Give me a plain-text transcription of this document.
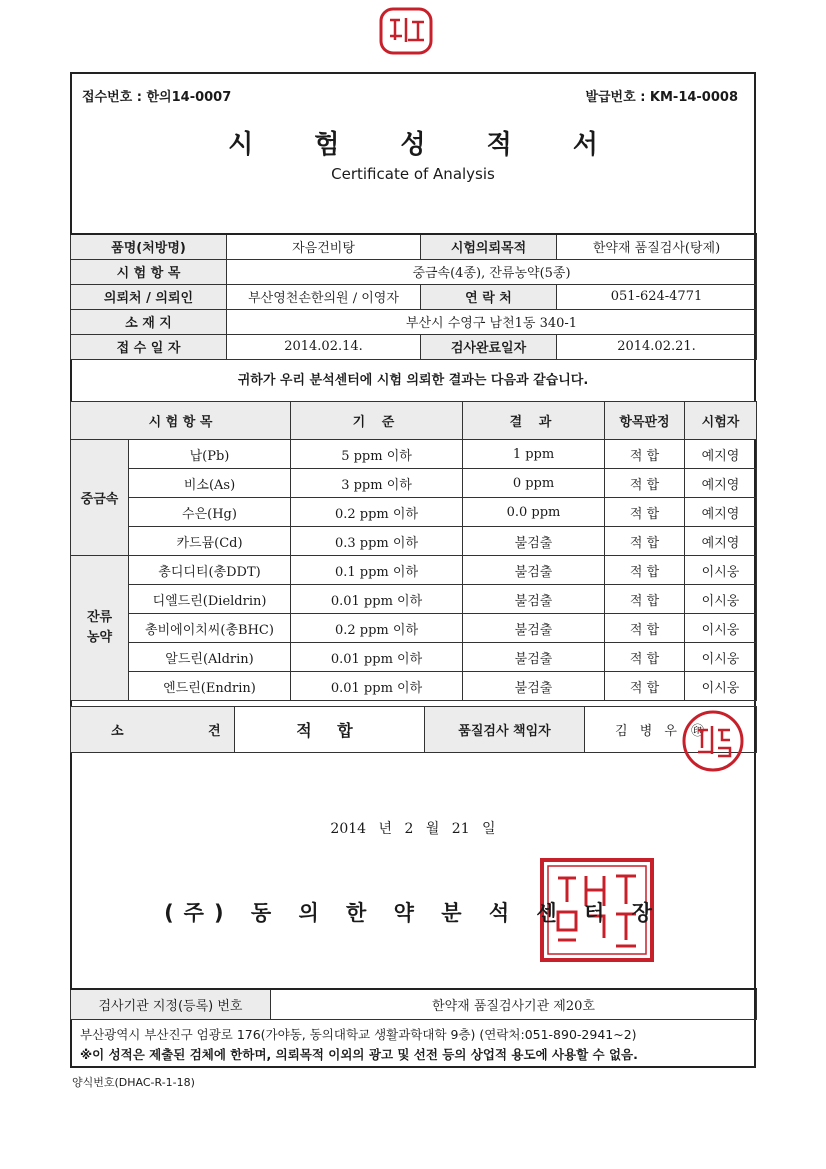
접수번호 : 한의14-0007	발급번호 : KM-14-0008
시 험 성 적 서
Certificate of Analysis
품명(처방명)	자음건비탕	시험의뢰목적	한약재 품질검사(탕제)
시 험 항 목	중금속(4종), 잔류농약(5종)		
의뢰처 / 의뢰인	부산영천손한의원 / 이영자	연 락 처	051-624-4771
소 재 지	부산시 수영구 남천1동 340-1		
접 수 일 자	2014.02.14.	검사완료일자	2014.02.21.
귀하가 우리 분석센터에 시험 의뢰한 결과는 다음과 같습니다.
시 험 항 목		기 준	결 과	항목판정	시험자
중금속	납(Pb)	5 ppm 이하	1 ppm	적 합	예지영
	비소(As)	3 ppm 이하	0 ppm	적 합	예지영
	수은(Hg)	0.2 ppm 이하	0.0 ppm	적 합	예지영
	카드뮴(Cd)	0.3 ppm 이하	불검출	적 합	예지영

잔류
농약	총디디티(총DDT)	0.1 ppm 이하	불검출	적 합	이시웅
	디엘드린(Dieldrin)	0.01 ppm 이하	불검출	적 합	이시웅
	총비에이치씨(총BHC)	0.2 ppm 이하	불검출	적 합	이시웅
	알드린(Aldrin)	0.01 ppm 이하	불검출	적 합	이시웅
	엔드린(Endrin)	0.01 ppm 이하	불검출	적 합	이시웅
소 견	적 합	품질검사 책임자	김 병 우 ㊞
2014 년 2 월 21 일
(주) 동 의 한 약 분 석 센 터 장
검사기관 지정(등록) 번호	한약재 품질검사기관 제20호
부산광역시 부산진구 엄광로 176(가야동, 동의대학교 생활과학대학 9층) (연락처:051-890-2941~2)
※이 성적은 제출된 검체에 한하며, 의뢰목적 이외의 광고 및 선전 등의 상업적 용도에 사용할 수 없음.
양식번호(DHAC-R-1-18)
